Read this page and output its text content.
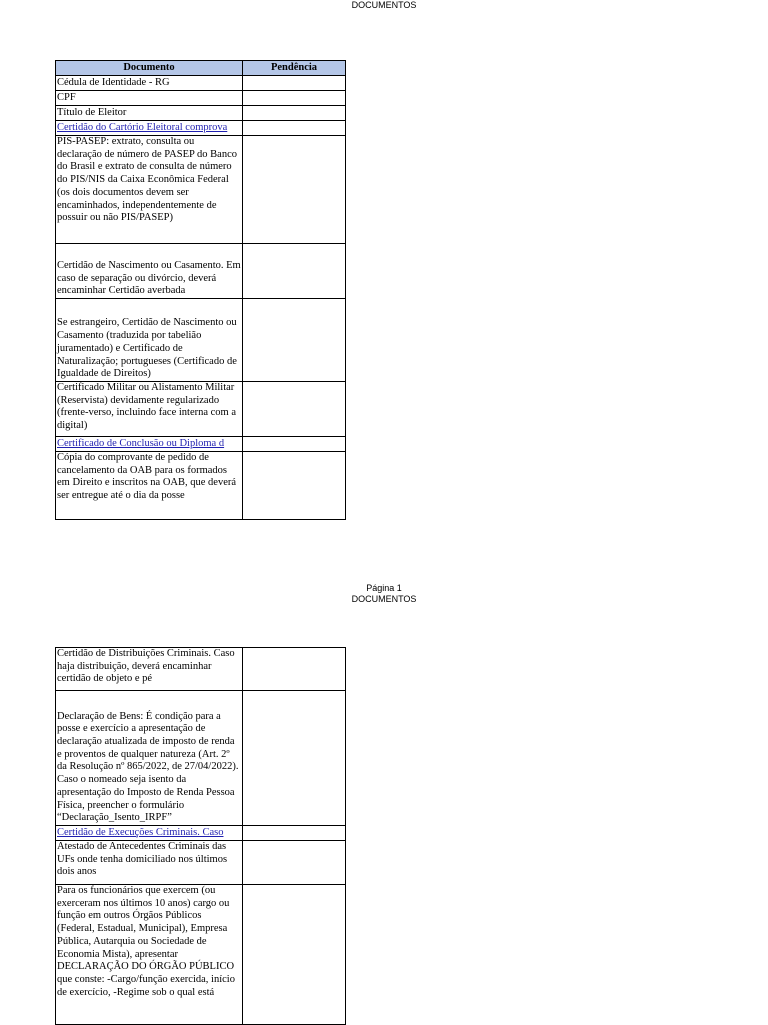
DOCUMENTOS
Documento	Pendência
Cédula de Identidade - RG	
CPF	
Título de Eleitor	
Certidão do Cartório Eleitoral comprova	
PIS-PASEP: extrato, consulta ou declaração de número de PASEP do Banco do Brasil e extrato de consulta de número do PIS/NIS da Caixa Econômica Federal (os dois documentos devem ser encaminhados, independentemente de possuir ou não PIS/PASEP)	
Certidão de Nascimento ou Casamento. Em caso de separação ou divórcio, deverá encaminhar Certidão averbada	
Se estrangeiro, Certidão de Nascimento ou Casamento (traduzida por tabelião juramentado) e Certificado de Naturalização; portugueses (Certificado de Igualdade de Direitos)	
Certificado Militar ou Alistamento Militar (Reservista) devidamente regularizado (frente-verso, incluindo face interna com a digital)	
Certificado de Conclusão ou Diploma d	
Cópia do comprovante de pedido de cancelamento da OAB para os formados em Direito e inscritos na OAB, que deverá ser entregue até o dia da posse	
Página 1
DOCUMENTOS
Certidão de Distribuições Criminais. Caso haja distribuição, deverá encaminhar certidão de objeto e pé	
Declaração de Bens: É condição para a posse e exercício a apresentação de declaração atualizada de imposto de renda e proventos de qualquer natureza (Art. 2º da Resolução nº 865/2022, de 27/04/2022). Caso o nomeado seja isento da apresentação do Imposto de Renda Pessoa Física, preencher o formulário “Declaração_Isento_IRPF”	
Certidão de Execuções Criminais. Caso	
Atestado de Antecedentes Criminais das UFs onde tenha domiciliado nos últimos dois anos	
Para os funcionários que exercem (ou exerceram nos últimos 10 anos) cargo ou função em outros Órgãos Públicos (Federal, Estadual, Municipal), Empresa Pública, Autarquia ou Sociedade de Economia Mista), apresentar DECLARAÇÃO DO ÓRGÃO PÚBLICO que conste: -Cargo/função exercida, início de exercício, -Regime sob o qual está	
